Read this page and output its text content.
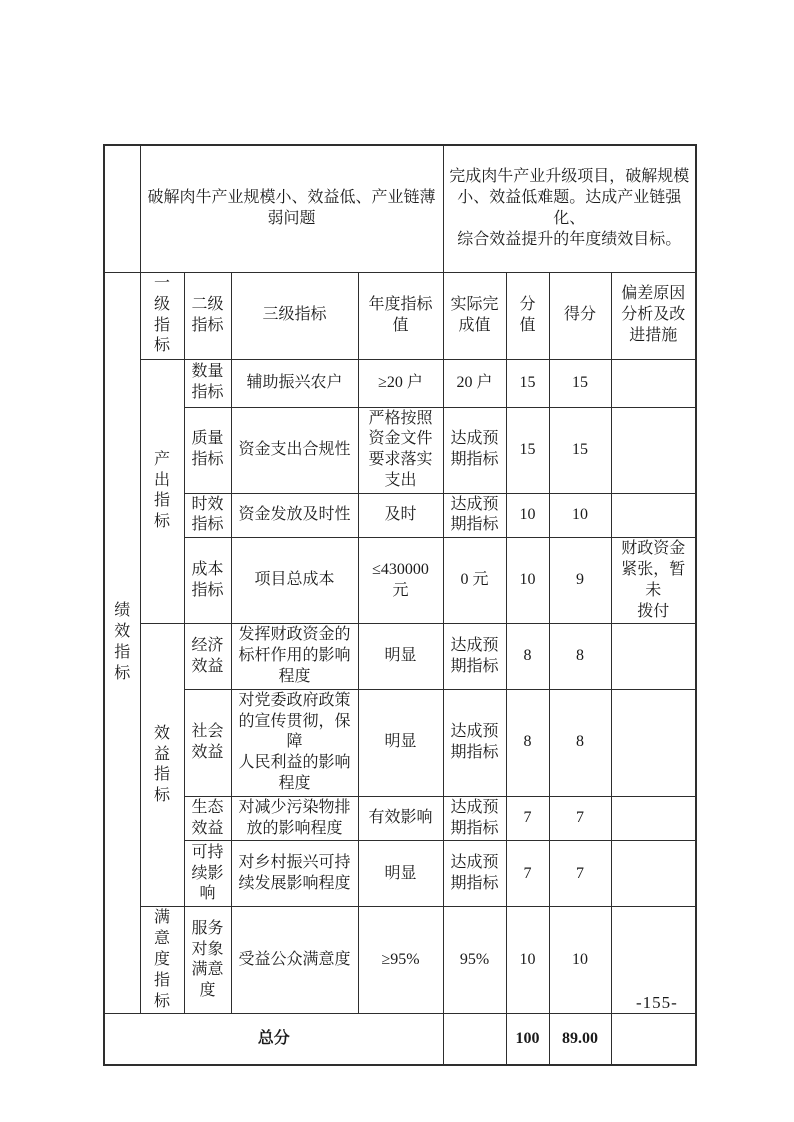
	破解肉牛产业规模小、效益低、产业链薄
弱问题				完成肉牛产业升级项目，破解规模
小、效益低难题。达成产业链强化、
综合效益提升的年度绩效目标。			
绩
效
指
标	一
级
指
标	二级
指标	三级指标	年度指标
值	实际完
成值	分
值	得分	偏差原因
分析及改
进措施
	产
出
指
标	数量
指标	辅助振兴农户	≥20 户	20 户	15	15	
		质量
指标	资金支出合规性	严格按照
资金文件
要求落实
支出	达成预
期指标	15	15	
		时效
指标	资金发放及时性	及时	达成预
期指标	10	10	
		成本
指标	项目总成本	≤430000
元	0 元	10	9	财政资金
紧张，暂未
拨付
	效
益
指
标	经济
效益	发挥财政资金的
标杆作用的影响
程度	明显	达成预
期指标	8	8	
		社会
效益	对党委政府政策
的宣传贯彻，保障
人民利益的影响
程度	明显	达成预
期指标	8	8	
		生态
效益	对减少污染物排
放的影响程度	有效影响	达成预
期指标	7	7	
		可持
续影
响	对乡村振兴可持
续发展影响程度	明显	达成预
期指标	7	7	
	满
意
度
指
标	服务
对象
满意
度	受益公众满意度	≥95%	95%	10	10	
总分						100	89.00	
-155-
